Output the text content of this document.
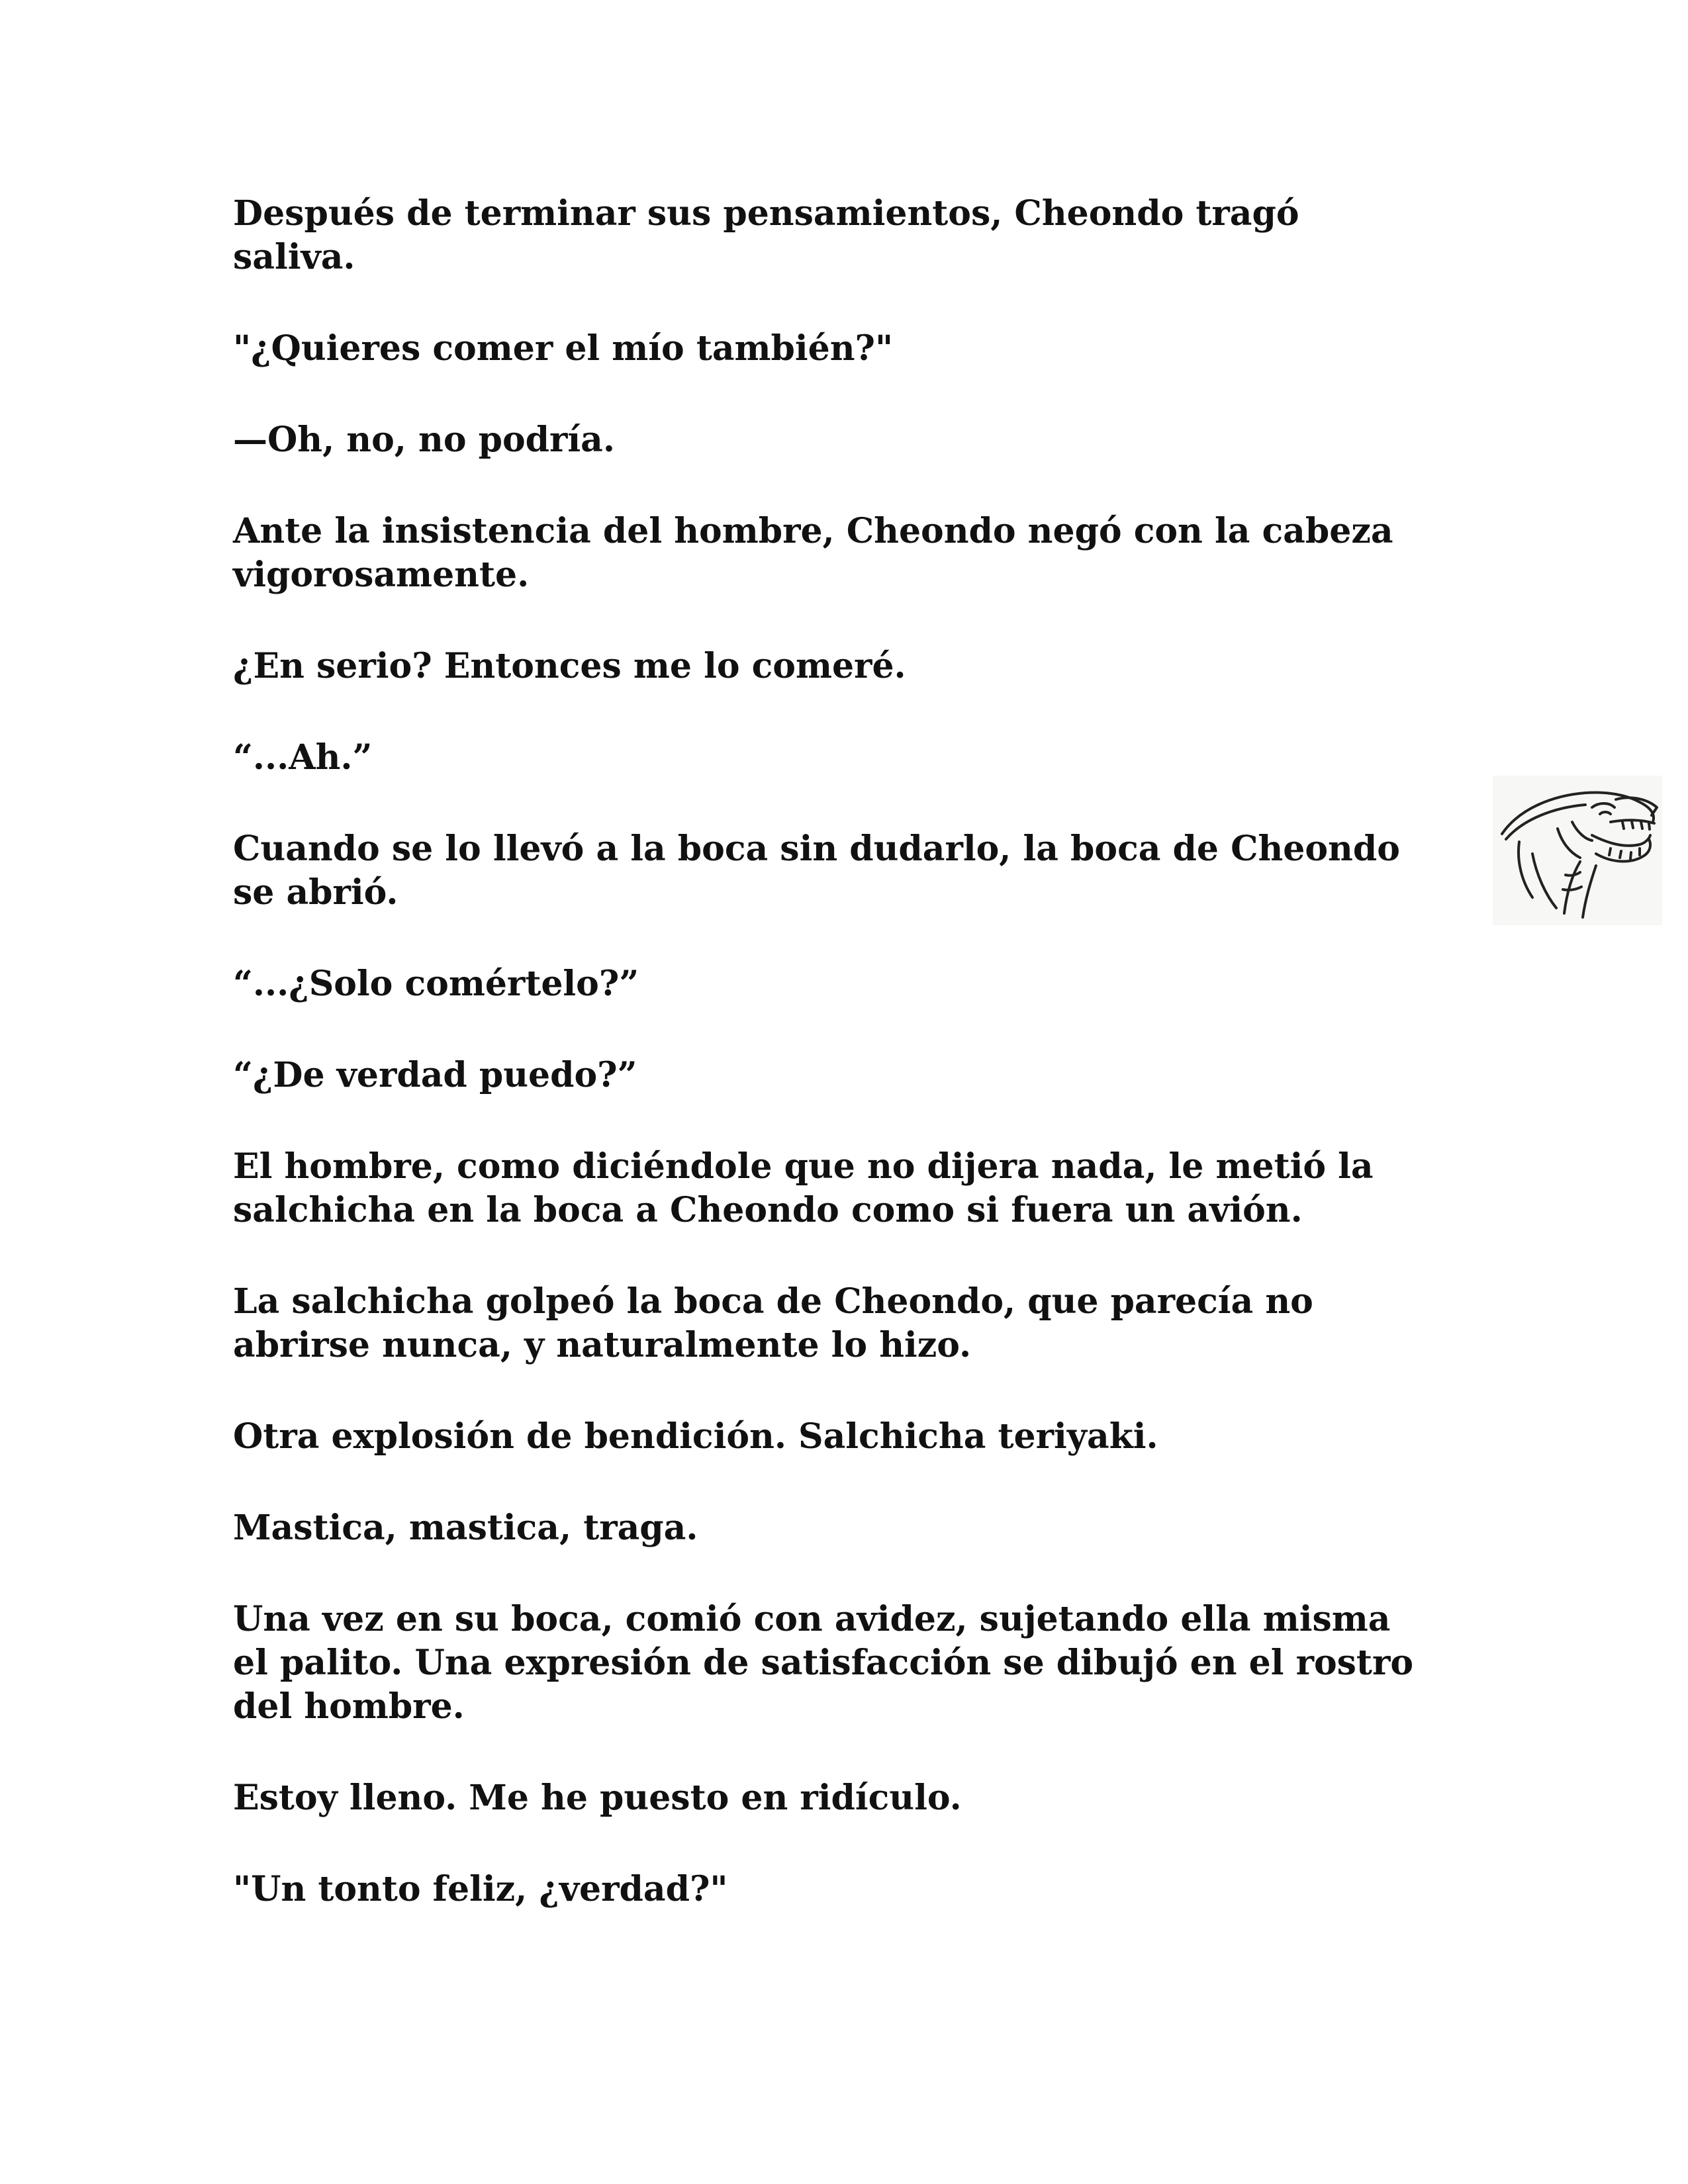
Después de terminar sus pensamientos, Cheondo tragó
saliva.

"¿Quieres comer el mío también?"

—Oh, no, no podría.

Ante la insistencia del hombre, Cheondo negó con la cabeza
vigorosamente.

¿En serio? Entonces me lo comeré.

“...Ah.”

Cuando se lo llevó a la boca sin dudarlo, la boca de Cheondo
se abrió.

“...¿Solo comértelo?”

“¿De verdad puedo?”

El hombre, como diciéndole que no dijera nada, le metió la
salchicha en la boca a Cheondo como si fuera un avión.

La salchicha golpeó la boca de Cheondo, que parecía no
abrirse nunca, y naturalmente lo hizo.

Otra explosión de bendición. Salchicha teriyaki.

Mastica, mastica, traga.

Una vez en su boca, comió con avidez, sujetando ella misma
el palito. Una expresión de satisfacción se dibujó en el rostro
del hombre.

Estoy lleno. Me he puesto en ridículo.

"Un tonto feliz, ¿verdad?"
